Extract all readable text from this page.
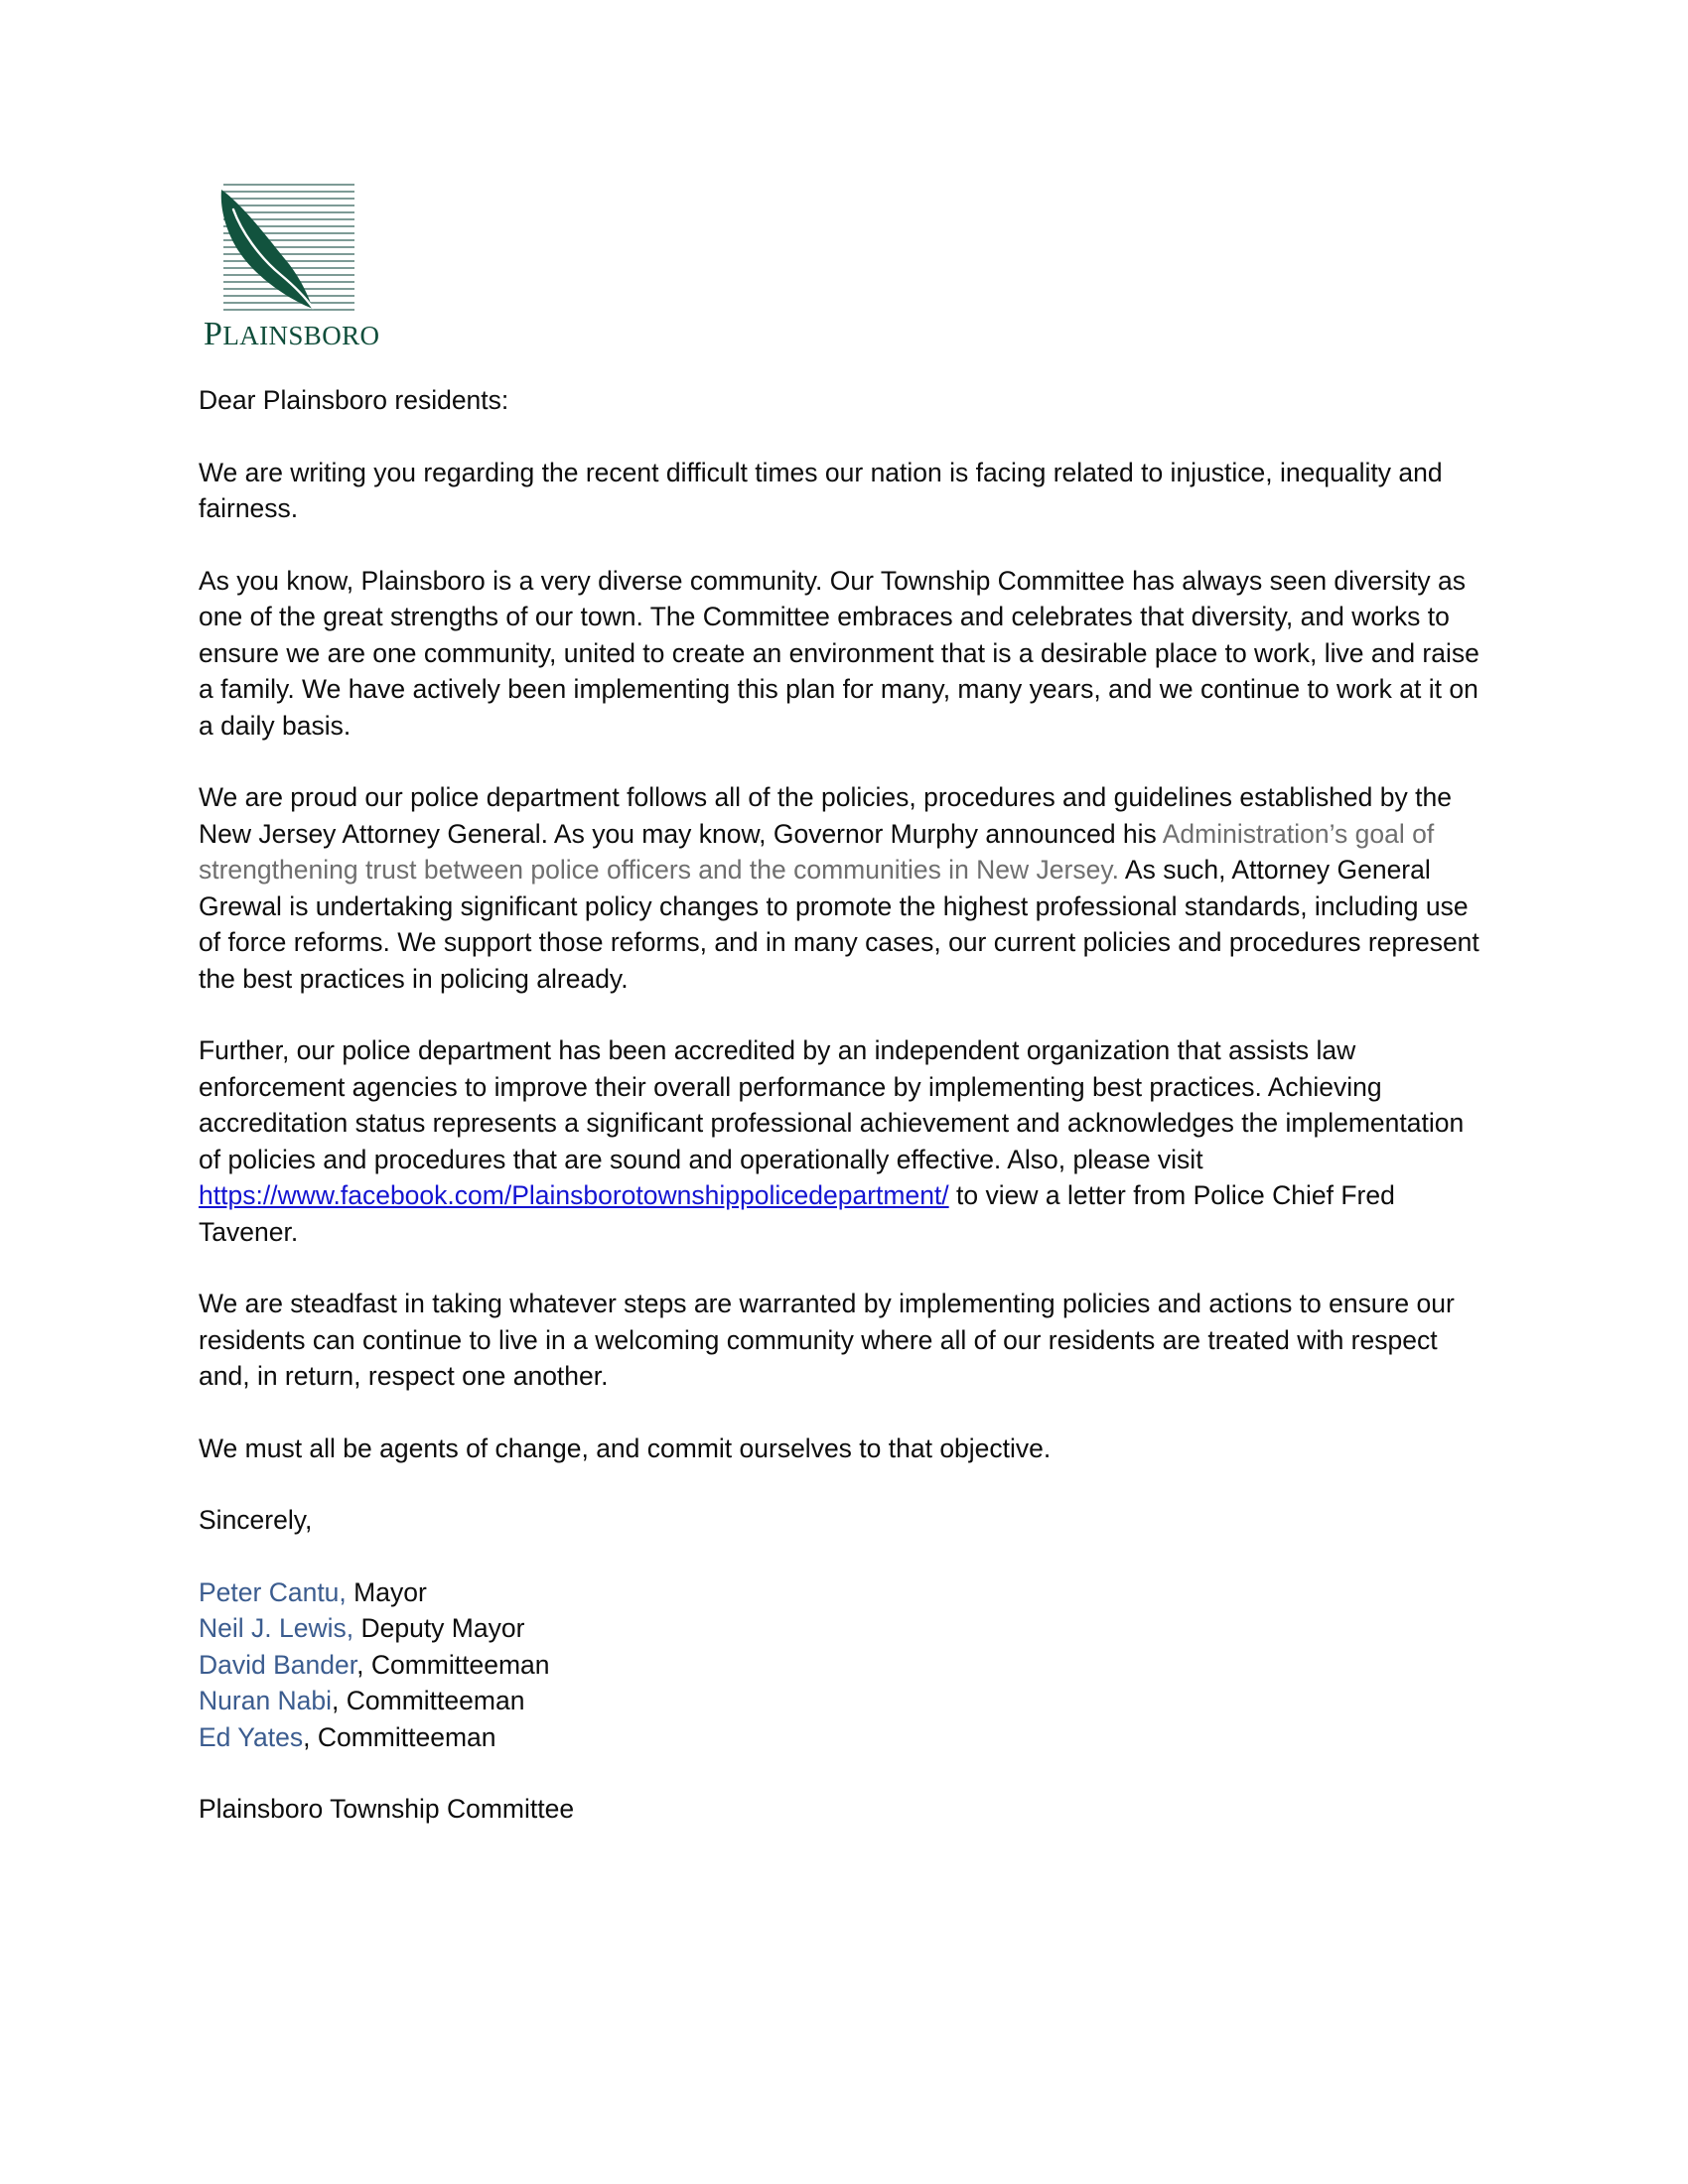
PLAINSBORO

Dear Plainsboro residents:

We are writing you regarding the recent difficult times our nation is facing related to injustice, inequality and fairness.

As you know, Plainsboro is a very diverse community. Our Township Committee has always seen diversity as one of the great strengths of our town. The Committee embraces and celebrates that diversity, and works to ensure we are one community, united to create an environment that is a desirable place to work, live and raise a family. We have actively been implementing this plan for many, many years, and we continue to work at it on a daily basis.

We are proud our police department follows all of the policies, procedures and guidelines established by the New Jersey Attorney General. As you may know, Governor Murphy announced his Administration’s goal of strengthening trust between police officers and the communities in New Jersey. As such, Attorney General Grewal is undertaking significant policy changes to promote the highest professional standards, including use of force reforms. We support those reforms, and in many cases, our current policies and procedures represent the best practices in policing already.

Further, our police department has been accredited by an independent organization that assists law enforcement agencies to improve their overall performance by implementing best practices. Achieving accreditation status represents a significant professional achievement and acknowledges the implementation of policies and procedures that are sound and operationally effective. Also, please visit https://www.facebook.com/Plainsborotownshippolicedepartment/ to view a letter from Police Chief Fred Tavener.

We are steadfast in taking whatever steps are warranted by implementing policies and actions to ensure our residents can continue to live in a welcoming community where all of our residents are treated with respect and, in return, respect one another.

We must all be agents of change, and commit ourselves to that objective.

Sincerely,

Peter Cantu, Mayor
Neil J. Lewis, Deputy Mayor
David Bander, Committeeman
Nuran Nabi, Committeeman
Ed Yates, Committeeman
Plainsboro Township Committee
